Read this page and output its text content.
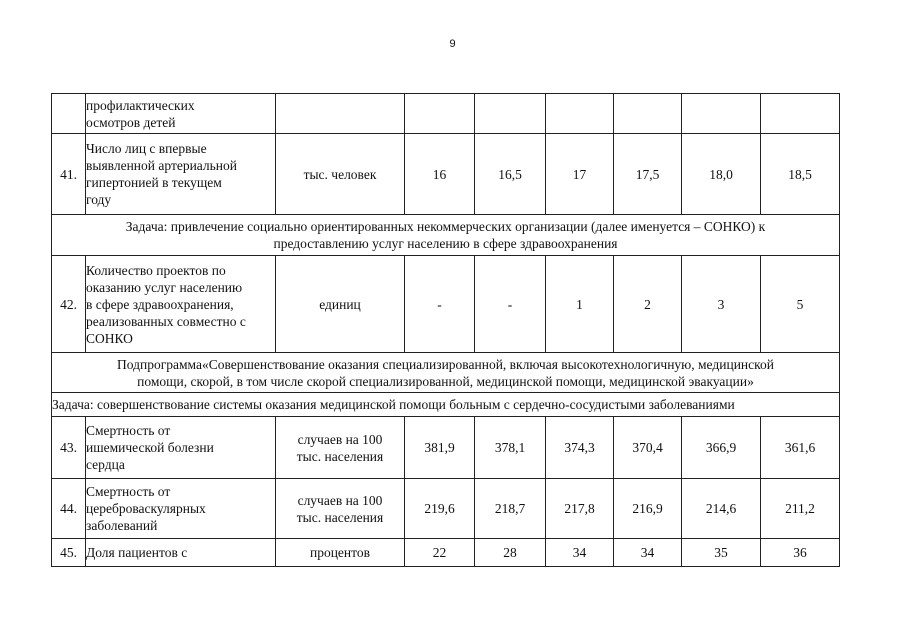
9
	профилактических
осмотров детей							
41.	Число лиц с впервые
выявленной артериальной
гипертонией в текущем
году	тыс. человек	16	16,5	17	17,5	18,0	18,5
Задача: привлечение социально ориентированных некоммерческих организации (далее именуется – СОНКО) к
предоставлению услуг населению в сфере здравоохранения								
42.	Количество проектов по
оказанию услуг населению
в сфере здравоохранения,
реализованных совместно с
СОНКО	единиц	-	-	1	2	3	5
Подпрограмма«Совершенствование оказания специализированной, включая высокотехнологичную, медицинской
помощи, скорой, в том числе скорой специализированной, медицинской помощи, медицинской эвакуации»								
Задача: совершенствование системы оказания медицинской помощи больным с сердечно-сосудистыми заболеваниями								
43.	Смертность от
ишемической болезни
сердца	случаев на 100
тыс. населения	381,9	378,1	374,3	370,4	366,9	361,6
44.	Смертность от
цереброваскулярных
заболеваний	случаев на 100
тыс. населения	219,6	218,7	217,8	216,9	214,6	211,2
45.	Доля пациентов с	процентов	22	28	34	34	35	36
